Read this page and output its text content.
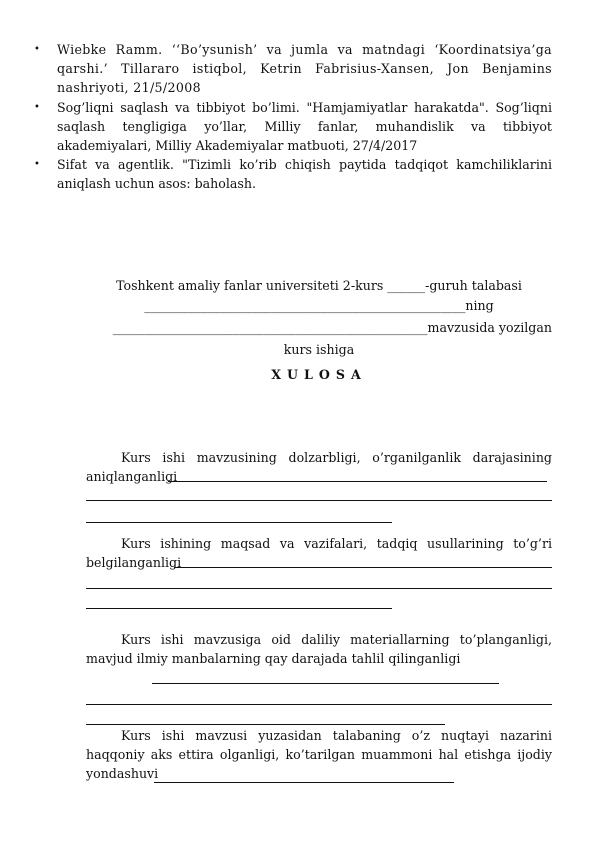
• Wiebke Ramm. ‘‘Bo’ysunish’ va jumla va matndagi ‘Koordinatsiya’ga qarshi.’ Tillararo istiqbol, Ketrin Fabrisius-Xansen, Jon Benjamins nashriyoti, 21/5/2008
• Sog’liqni saqlash va tibbiyot bo’limi. "Hamjamiyatlar harakatda". Sog’liqni saqlash tengligiga yo’llar, Milliy fanlar, muhandislik va tibbiyot akademiyalari, Milliy Akademiyalar matbuoti, 27/4/2017
• Sifat va agentlik. "Tizimli ko’rib chiqish paytida tadqiqot kamchiliklarini aniqlash uchun asos: baholash.
Toshkent amaliy fanlar universiteti 2-kurs ______-guruh talabasi
___________________________________________________ning
__________________________________________________mavzusida yozilgan
kurs ishiga
XULOSA
Kurs ishi mavzusining dolzarbligi, o’rganilganlik darajasining aniqlanganligi
Kurs ishining maqsad va vazifalari, tadqiq usullarining to’g’ri belgilanganligi
Kurs ishi mavzusiga oid daliliy materiallarning to’planganligi, mavjud ilmiy manbalarning qay darajada tahlil qilinganligi
Kurs ishi mavzusi yuzasidan talabaning o’z nuqtayi nazarini haqqoniy aks ettira olganligi, ko’tarilgan muammoni hal etishga ijodiy yondashuvi
